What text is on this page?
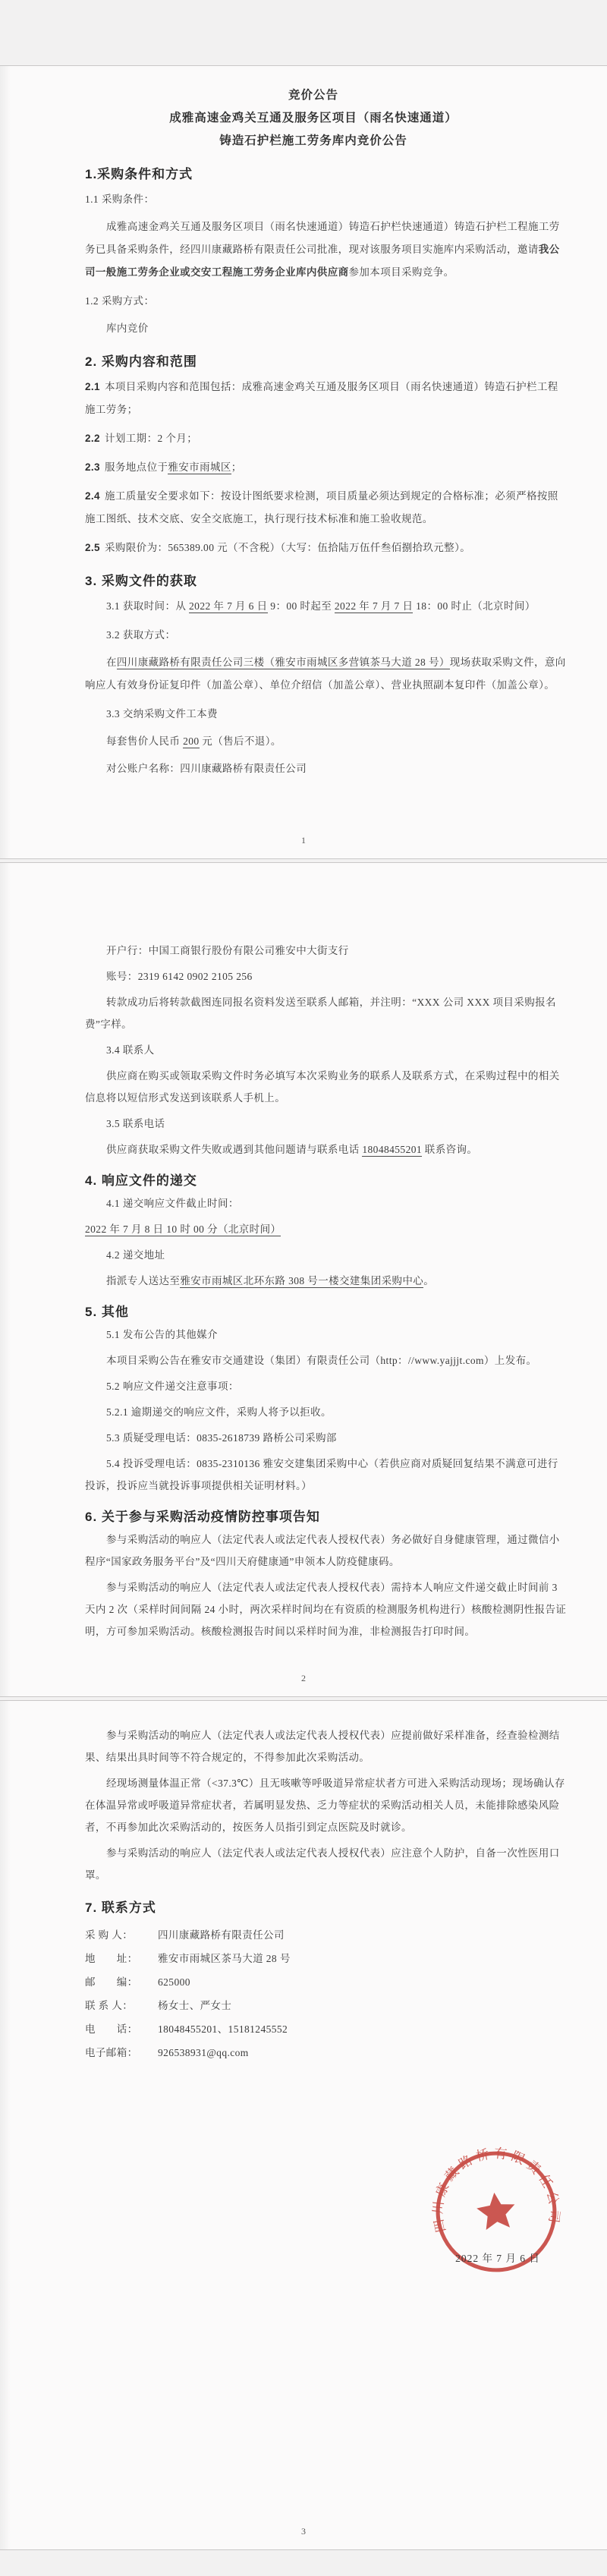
竞价公告
成雅高速金鸡关互通及服务区项目（雨名快速通道）
铸造石护栏施工劳务库内竞价公告
1.采购条件和方式

1.1 采购条件：

成雅高速金鸡关互通及服务区项目（雨名快速通道）铸造石护栏快速通道）铸造石护栏工程施工劳务已具备采购条件，经四川康藏路桥有限责任公司批准，现对该服务项目实施库内采购活动，邀请我公司一般施工劳务企业或交安工程施工劳务企业库内供应商参加本项目采购竞争。

1.2 采购方式：

库内竞价

2. 采购内容和范围

2.1 本项目采购内容和范围包括：成雅高速金鸡关互通及服务区项目（雨名快速通道）铸造石护栏工程施工劳务；

2.2 计划工期：2 个月；

2.3 服务地点位于雅安市雨城区；

2.4 施工质量安全要求如下：按设计图纸要求检测，项目质量必须达到规定的合格标准；必须严格按照施工图纸、技术交底、安全交底施工，执行现行技术标准和施工验收规范。

2.5 采购限价为：565389.00 元（不含税）（大写：伍拾陆万伍仟叁佰捌拾玖元整）。

3. 采购文件的获取

3.1 获取时间：从 2022 年 7 月 6 日 9：00 时起至 2022 年 7 月 7 日 18：00 时止（北京时间）

3.2 获取方式：

在四川康藏路桥有限责任公司三楼（雅安市雨城区多营镇茶马大道 28 号）现场获取采购文件，意向响应人有效身份证复印件（加盖公章）、单位介绍信（加盖公章）、营业执照副本复印件（加盖公章）。

3.3 交纳采购文件工本费

每套售价人民币 200 元（售后不退）。

对公账户名称：四川康藏路桥有限责任公司

1

开户行：中国工商银行股份有限公司雅安中大街支行

账号：2319 6142 0902 2105 256

转款成功后将转款截图连同报名资料发送至联系人邮箱，并注明：“XXX 公司 XXX 项目采购报名费”字样。

3.4 联系人

供应商在购买或领取采购文件时务必填写本次采购业务的联系人及联系方式，在采购过程中的相关信息将以短信形式发送到该联系人手机上。

3.5 联系电话

供应商获取采购文件失败或遇到其他问题请与联系电话 18048455201 联系咨询。

4. 响应文件的递交

4.1 递交响应文件截止时间：

2022 年 7 月 8 日 10 时 00 分（北京时间）

4.2 递交地址

指派专人送达至雅安市雨城区北环东路 308 号一楼交建集团采购中心。

5. 其他

5.1 发布公告的其他媒介

本项目采购公告在雅安市交通建设（集团）有限责任公司（http：//www.yajjjt.com）上发布。

5.2 响应文件递交注意事项：

5.2.1 逾期递交的响应文件，采购人将予以拒收。

5.3 质疑受理电话：0835-2618739 路桥公司采购部

5.4 投诉受理电话：0835-2310136 雅安交建集团采购中心（若供应商对质疑回复结果不满意可进行投诉，投诉应当就投诉事项提供相关证明材料。）

6. 关于参与采购活动疫情防控事项告知

参与采购活动的响应人（法定代表人或法定代表人授权代表）务必做好自身健康管理，通过微信小程序“国家政务服务平台”及“四川天府健康通”申领本人防疫健康码。

参与采购活动的响应人（法定代表人或法定代表人授权代表）需持本人响应文件递交截止时间前 3 天内 2 次（采样时间间隔 24 小时，两次采样时间均在有资质的检测服务机构进行）核酸检测阴性报告证明，方可参加采购活动。核酸检测报告时间以采样时间为准，非检测报告打印时间。

2

参与采购活动的响应人（法定代表人或法定代表人授权代表）应提前做好采样准备，经查验检测结果、结果出具时间等不符合规定的，不得参加此次采购活动。

经现场测量体温正常（<37.3℃）且无咳嗽等呼吸道异常症状者方可进入采购活动现场；现场确认存在体温异常或呼吸道异常症状者，若属明显发热、乏力等症状的采购活动相关人员，未能排除感染风险者，不再参加此次采购活动的，按医务人员指引到定点医院及时就诊。

参与采购活动的响应人（法定代表人或法定代表人授权代表）应注意个人防护，自备一次性医用口罩。

7. 联系方式
采 购 人： 四川康藏路桥有限责任公司
地　　址： 雅安市雨城区茶马大道 28 号
邮　　编： 625000
联 系 人： 杨女士、严女士
电　　话： 18048455201、15181245552
电子邮箱： 926538931@qq.com
3
四川康藏路桥有限责任公司
2022 年 7 月 6 日
